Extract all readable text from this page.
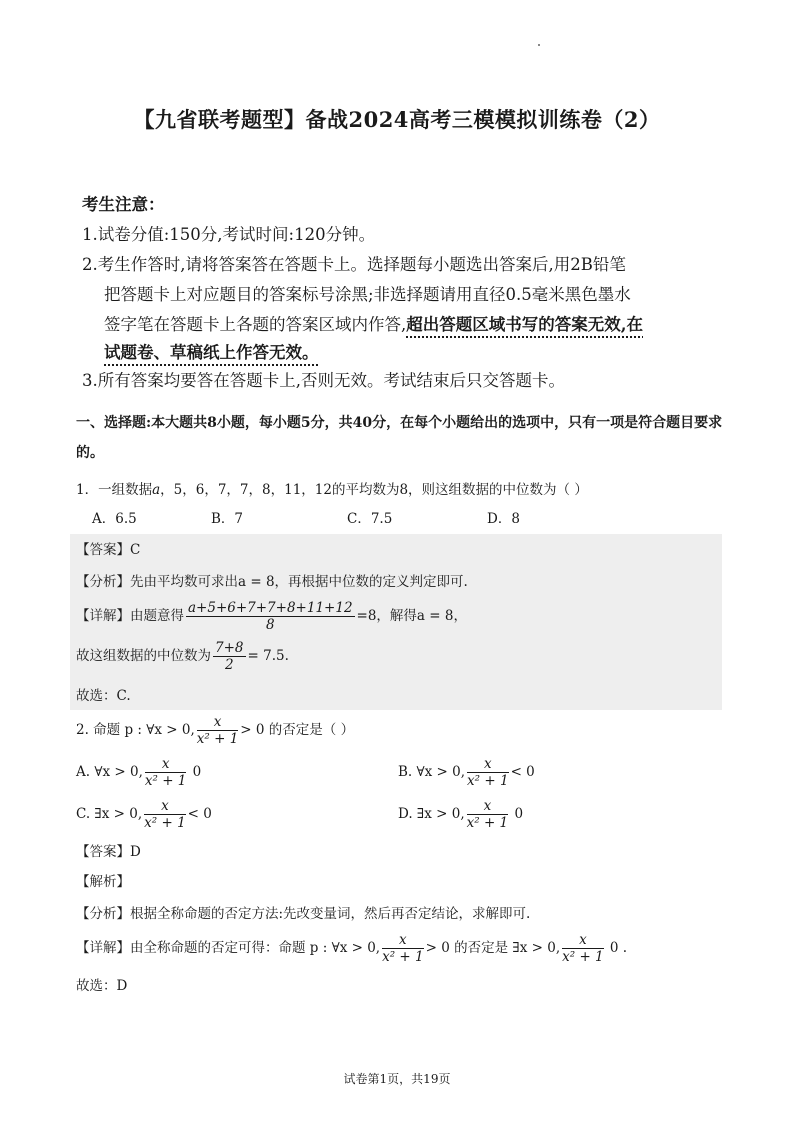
【九省联考题型】备战2024高考三模模拟训练卷（2）
考生注意：
1.试卷分值:150分,考试时间:120分钟。
2.考生作答时,请将答案答在答题卡上。选择题每小题选出答案后,用2B铅笔
把答题卡上对应题目的答案标号涂黑;非选择题请用直径0.5毫米黑色墨水
签字笔在答题卡上各题的答案区域内作答,超出答题区域书写的答案无效,在
试题卷、草稿纸上作答无效。
3.所有答案均要答在答题卡上,否则无效。考试结束后只交答题卡。
一、选择题:本大题共8小题，每小题5分，共40分，在每个小题给出的选项中，只有一项是符合题目要求的。
1．一组数据a，5，6，7，7，8，11，12的平均数为8，则这组数据的中位数为（ ）
A．6.5	B．7	C．7.5	D．8
【答案】C
【分析】先由平均数可求出a = 8，再根据中位数的定义判定即可.
【详解】由题意得 $\frac{a+5+6+7+7+8+11+12}{8} =8$，解得a = 8，
故这组数据的中位数为 $\frac{7+8}{2} = 7.5$.
故选：C.
2. 命题 p : ∀x > 0, $\frac{x}{\text{x² + 1}} > 0$ 的否定是（ ）
A. ∀x > 0, $\frac{x}{\text{x² + 1}} 0$	B. ∀x > 0, $\frac{x}{\text{x² + 1}} < 0$
C. ∃x > 0, $\frac{x}{\text{x² + 1}} < 0$	D. ∃x > 0, $\frac{x}{\text{x² + 1}} 0$
【答案】D
【解析】
【分析】根据全称命题的否定方法:先改变量词，然后再否定结论，求解即可.
【详解】由全称命题的否定可得：命题 p : ∀x > 0, $\frac{x}{\text{x² + 1}} > 0$ 的否定是 ∃x > 0, $\frac{x}{\text{x² + 1}} 0$ .
故选：D
试卷第1页，共19页
